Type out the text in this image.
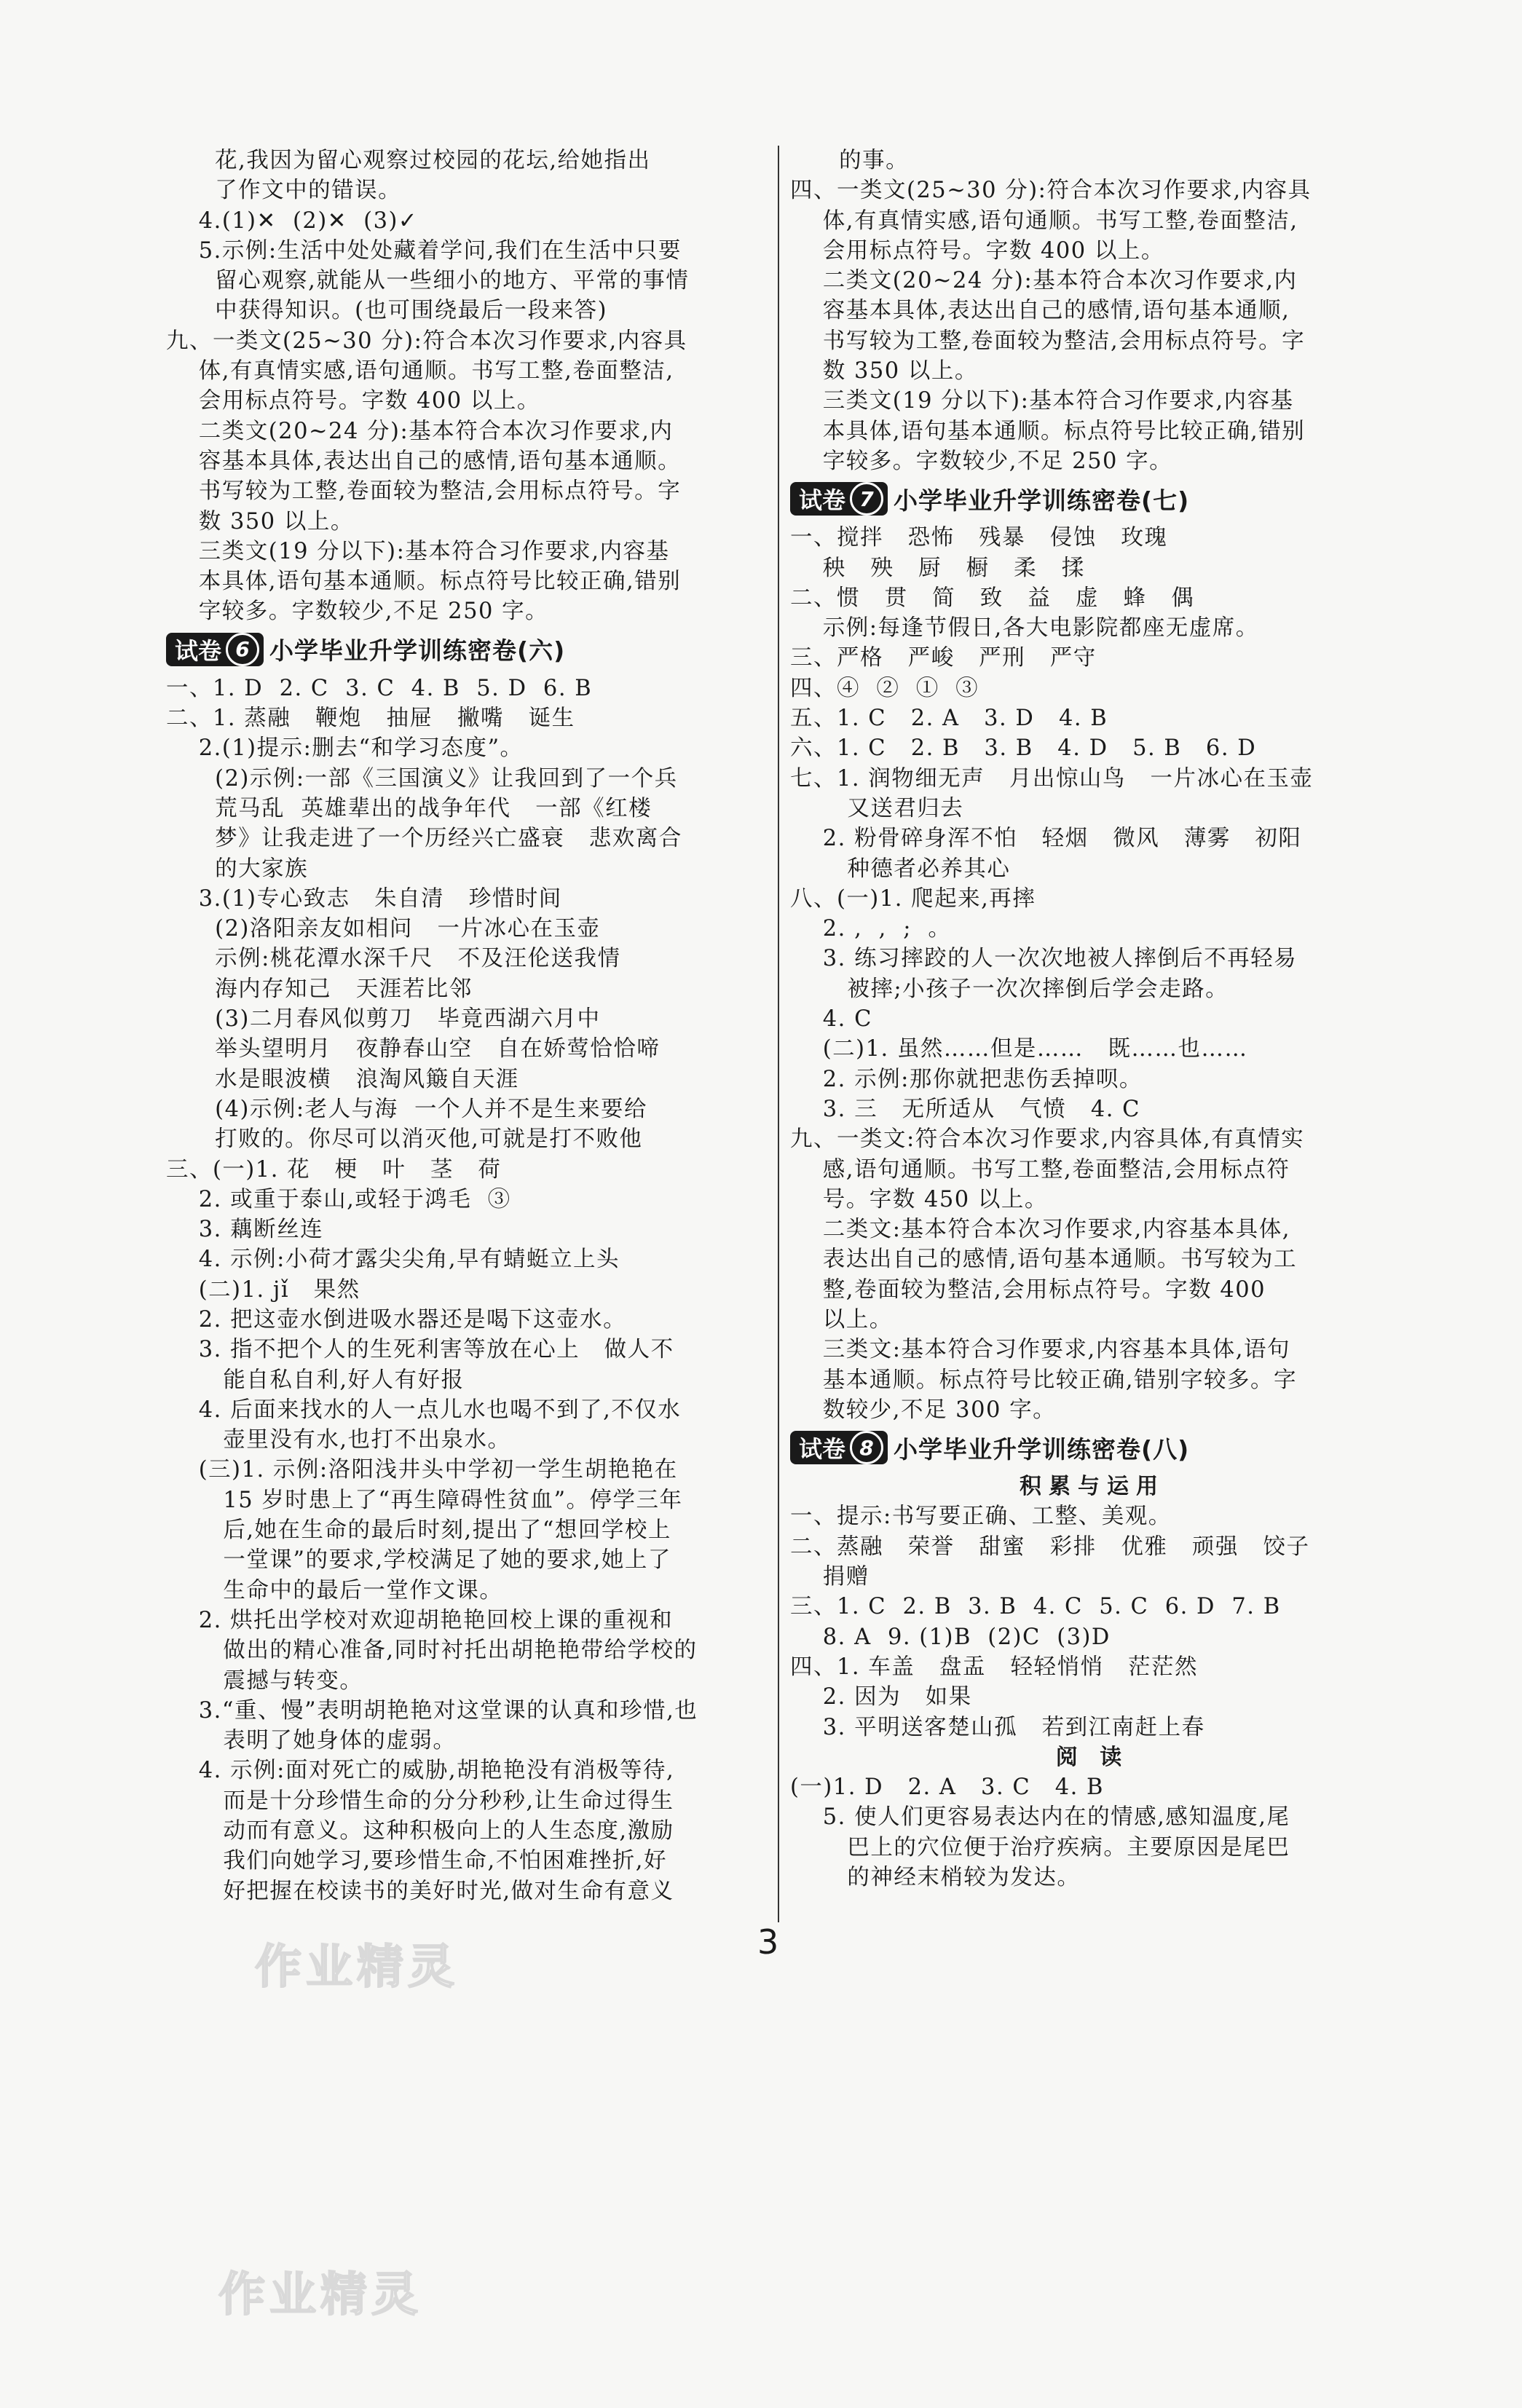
花,我因为留心观察过校园的花坛,给她指出
了作文中的错误。
4.(1)✕  (2)✕  (3)✓
5.示例:生活中处处藏着学问,我们在生活中只要
留心观察,就能从一些细小的地方、平常的事情
中获得知识。(也可围绕最后一段来答)
九、一类文(25~30 分):符合本次习作要求,内容具
体,有真情实感,语句通顺。书写工整,卷面整洁,
会用标点符号。字数 400 以上。
二类文(20~24 分):基本符合本次习作要求,内
容基本具体,表达出自己的感情,语句基本通顺。
书写较为工整,卷面较为整洁,会用标点符号。字
数 350 以上。
三类文(19 分以下):基本符合习作要求,内容基
本具体,语句基本通顺。标点符号比较正确,错别
字较多。字数较少,不足 250 字。
试卷 6 小学毕业升学训练密卷(六)
一、1. D  2. C  3. C  4. B  5. D  6. B
二、1. 蒸融   鞭炮   抽屉   撇嘴   诞生
2.(1)提示:删去“和学习态度”。
(2)示例:一部《三国演义》让我回到了一个兵
荒马乱  英雄辈出的战争年代   一部《红楼
梦》让我走进了一个历经兴亡盛衰   悲欢离合
的大家族
3.(1)专心致志   朱自清   珍惜时间
(2)洛阳亲友如相问   一片冰心在玉壶
示例:桃花潭水深千尺   不及汪伦送我情
海内存知己   天涯若比邻
(3)二月春风似剪刀   毕竟西湖六月中
举头望明月   夜静春山空   自在娇莺恰恰啼
水是眼波横   浪淘风簸自天涯
(4)示例:老人与海  一个人并不是生来要给
打败的。你尽可以消灭他,可就是打不败他
三、(一)1. 花   梗   叶   茎   荷
2. 或重于泰山,或轻于鸿毛  ③
3. 藕断丝连
4. 示例:小荷才露尖尖角,早有蜻蜓立上头
(二)1. jǐ   果然
2. 把这壶水倒进吸水器还是喝下这壶水。
3. 指不把个人的生死利害等放在心上   做人不
能自私自利,好人有好报
4. 后面来找水的人一点儿水也喝不到了,不仅水
壶里没有水,也打不出泉水。
(三)1. 示例:洛阳浅井头中学初一学生胡艳艳在
15 岁时患上了“再生障碍性贫血”。停学三年
后,她在生命的最后时刻,提出了“想回学校上
一堂课”的要求,学校满足了她的要求,她上了
生命中的最后一堂作文课。
2. 烘托出学校对欢迎胡艳艳回校上课的重视和
做出的精心准备,同时衬托出胡艳艳带给学校的
震撼与转变。
3.“重、慢”表明胡艳艳对这堂课的认真和珍惜,也
表明了她身体的虚弱。
4. 示例:面对死亡的威胁,胡艳艳没有消极等待,
而是十分珍惜生命的分分秒秒,让生命过得生
动而有意义。这种积极向上的人生态度,激励
我们向她学习,要珍惜生命,不怕困难挫折,好
好把握在校读书的美好时光,做对生命有意义
的事。
四、一类文(25~30 分):符合本次习作要求,内容具
体,有真情实感,语句通顺。书写工整,卷面整洁,
会用标点符号。字数 400 以上。
二类文(20~24 分):基本符合本次习作要求,内
容基本具体,表达出自己的感情,语句基本通顺,
书写较为工整,卷面较为整洁,会用标点符号。字
数 350 以上。
三类文(19 分以下):基本符合习作要求,内容基
本具体,语句基本通顺。标点符号比较正确,错别
字较多。字数较少,不足 250 字。
试卷 7 小学毕业升学训练密卷(七)
一、搅拌   恐怖   残暴   侵蚀   玫瑰
秧   殃   厨   橱   柔   揉
二、惯   贯   简   致   益   虚   蜂   偶
示例:每逢节假日,各大电影院都座无虚席。
三、严格   严峻   严刑   严守
四、④  ②  ①  ③
五、1. C   2. A   3. D   4. B
六、1. C   2. B   3. B   4. D   5. B   6. D
七、1. 润物细无声   月出惊山鸟   一片冰心在玉壶
又送君归去
2. 粉骨碎身浑不怕   轻烟   微风   薄雾   初阳
种德者必养其心
八、(一)1. 爬起来,再摔
2. ,  ,  ;  。
3. 练习摔跤的人一次次地被人摔倒后不再轻易
被摔;小孩子一次次摔倒后学会走路。
4. C
(二)1. 虽然……但是……   既……也……
2. 示例:那你就把悲伤丢掉呗。
3. 三   无所适从   气愤   4. C
九、一类文:符合本次习作要求,内容具体,有真情实
感,语句通顺。书写工整,卷面整洁,会用标点符
号。字数 450 以上。
二类文:基本符合本次习作要求,内容基本具体,
表达出自己的感情,语句基本通顺。书写较为工
整,卷面较为整洁,会用标点符号。字数 400
以上。
三类文:基本符合习作要求,内容基本具体,语句
基本通顺。标点符号比较正确,错别字较多。字
数较少,不足 300 字。
试卷 8 小学毕业升学训练密卷(八)
积累与运用
一、提示:书写要正确、工整、美观。
二、蒸融   荣誉   甜蜜   彩排   优雅   顽强   饺子
捐赠
三、1. C  2. B  3. B  4. C  5. C  6. D  7. B
8. A  9. (1)B  (2)C  (3)D
四、1. 车盖   盘盂   轻轻悄悄   茫茫然
2. 因为   如果
3. 平明送客楚山孤   若到江南赶上春
阅 读
(一)1. D   2. A   3. C   4. B
5. 使人们更容易表达内在的情感,感知温度,尾
巴上的穴位便于治疗疾病。主要原因是尾巴
的神经末梢较为发达。
3
作业精灵
作业精灵
